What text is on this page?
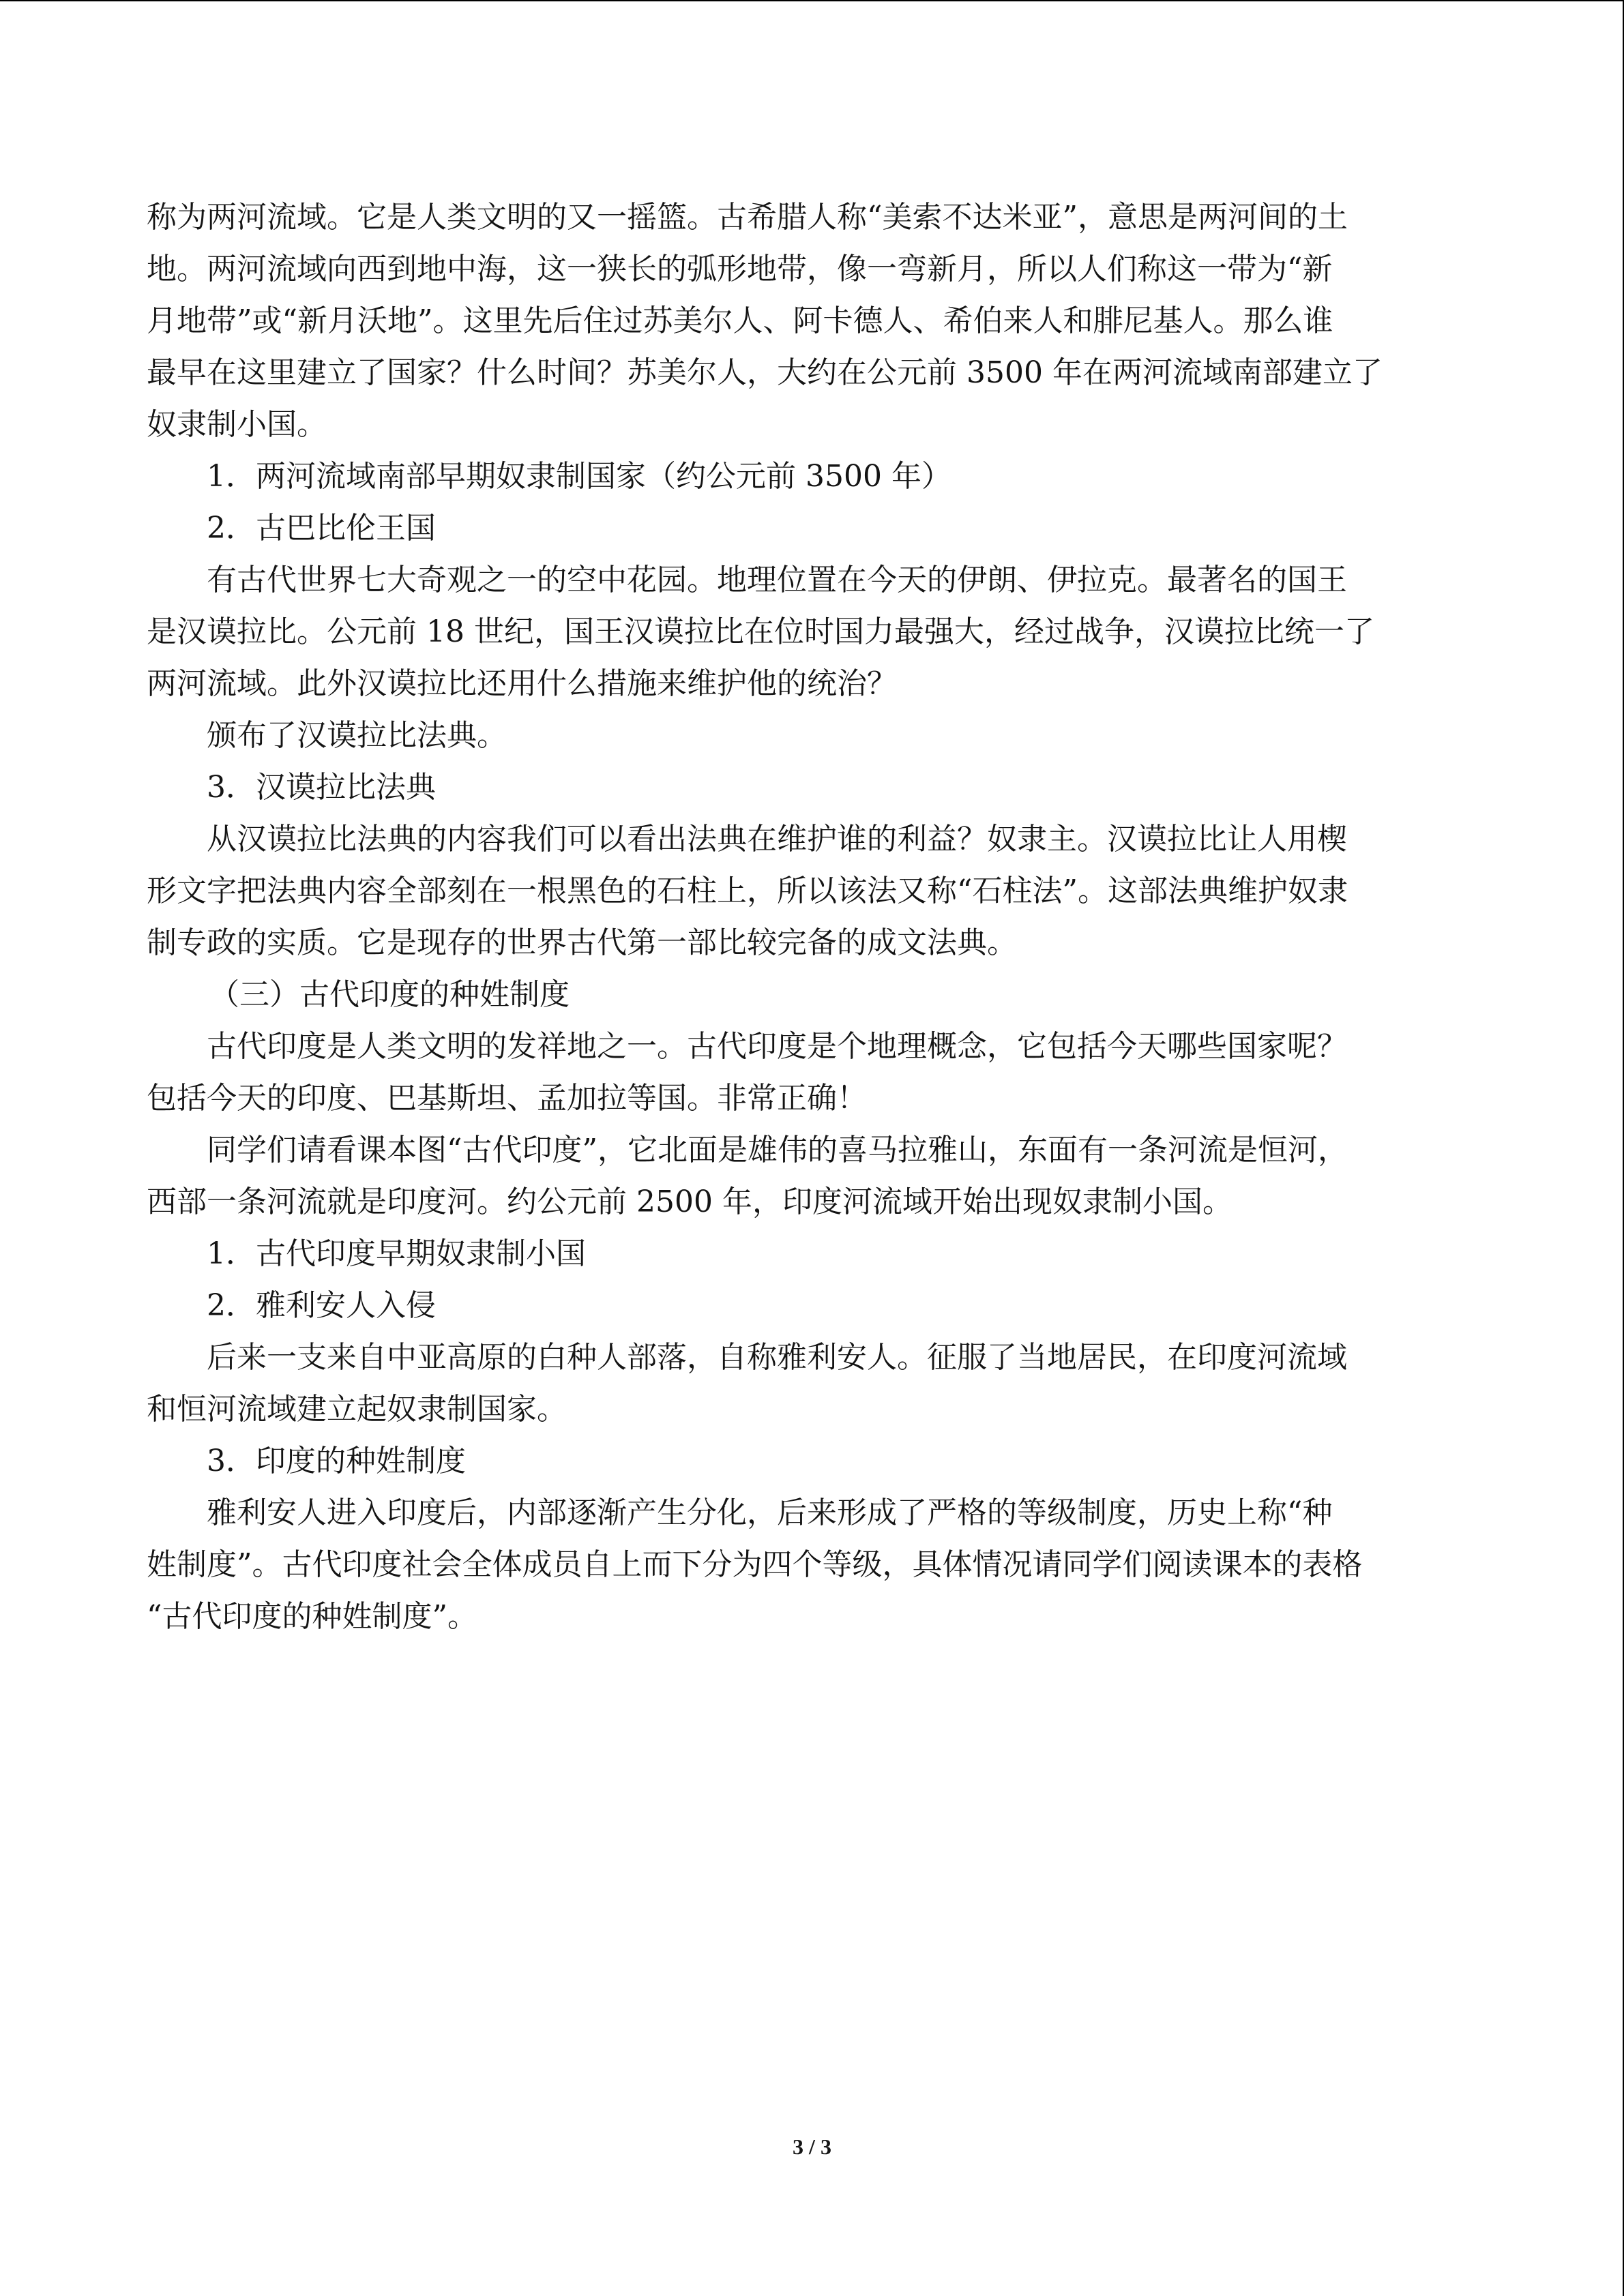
称为两河流域。它是人类文明的又一摇篮。古希腊人称“美索不达米亚”，意思是两河间的土
地。两河流域向西到地中海，这一狭长的弧形地带，像一弯新月，所以人们称这一带为“新
月地带”或“新月沃地”。这里先后住过苏美尔人、阿卡德人、希伯来人和腓尼基人。那么谁
最早在这里建立了国家？什么时间？苏美尔人，大约在公元前 3500 年在两河流域南部建立了
奴隶制小国。
1．两河流域南部早期奴隶制国家（约公元前 3500 年）
2．古巴比伦王国
有古代世界七大奇观之一的空中花园。地理位置在今天的伊朗、伊拉克。最著名的国王
是汉谟拉比。公元前 18 世纪，国王汉谟拉比在位时国力最强大，经过战争，汉谟拉比统一了
两河流域。此外汉谟拉比还用什么措施来维护他的统治？
颁布了汉谟拉比法典。
3．汉谟拉比法典
从汉谟拉比法典的内容我们可以看出法典在维护谁的利益？奴隶主。汉谟拉比让人用楔
形文字把法典内容全部刻在一根黑色的石柱上，所以该法又称“石柱法”。这部法典维护奴隶
制专政的实质。它是现存的世界古代第一部比较完备的成文法典。
（三）古代印度的种姓制度
古代印度是人类文明的发祥地之一。古代印度是个地理概念，它包括今天哪些国家呢？
包括今天的印度、巴基斯坦、孟加拉等国。非常正确！
同学们请看课本图“古代印度”，它北面是雄伟的喜马拉雅山，东面有一条河流是恒河，
西部一条河流就是印度河。约公元前 2500 年，印度河流域开始出现奴隶制小国。
1．古代印度早期奴隶制小国
2．雅利安人入侵
后来一支来自中亚高原的白种人部落，自称雅利安人。征服了当地居民，在印度河流域
和恒河流域建立起奴隶制国家。
3．印度的种姓制度
雅利安人进入印度后，内部逐渐产生分化，后来形成了严格的等级制度，历史上称“种
姓制度”。古代印度社会全体成员自上而下分为四个等级，具体情况请同学们阅读课本的表格
“古代印度的种姓制度”。
3 / 3
